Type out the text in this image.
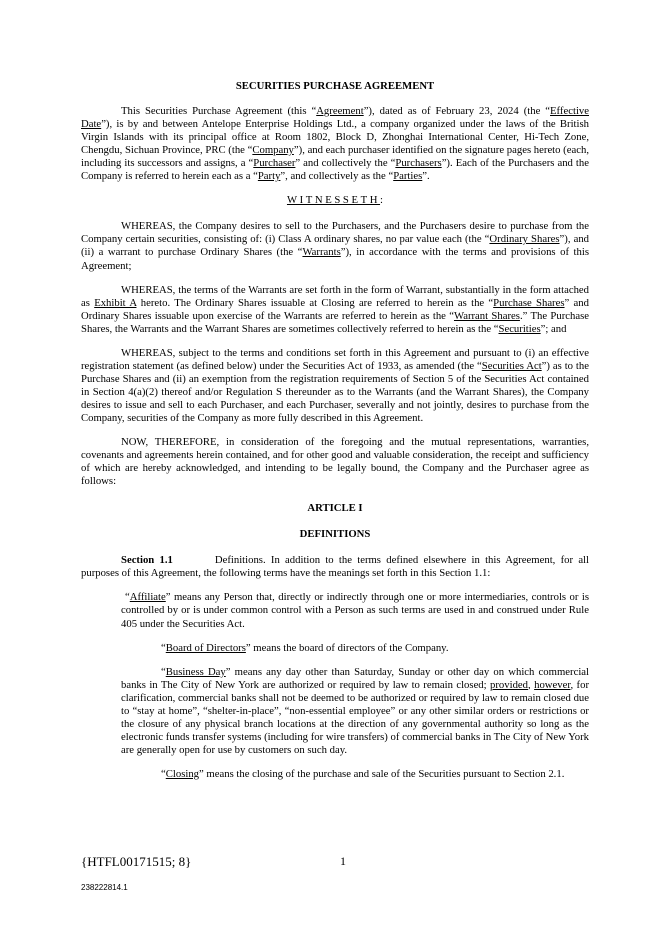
SECURITIES PURCHASE AGREEMENT

This Securities Purchase Agreement (this “Agreement”), dated as of February 23, 2024 (the “Effective Date”), is by and between Antelope Enterprise Holdings Ltd., a company organized under the laws of the British Virgin Islands with its principal office at Room 1802, Block D, Zhonghai International Center, Hi-Tech Zone, Chengdu, Sichuan Province, PRC (the “Company”), and each purchaser identified on the signature pages hereto (each, including its successors and assigns, a “Purchaser” and collectively the “Purchasers”). Each of the Purchasers and the Company is referred to herein each as a “Party”, and collectively as the “Parties”.

WITNESSETH:

WHEREAS, the Company desires to sell to the Purchasers, and the Purchasers desire to purchase from the Company certain securities, consisting of: (i) Class A ordinary shares, no par value each (the “Ordinary Shares”), and (ii) a warrant to purchase Ordinary Shares (the “Warrants”), in accordance with the terms and provisions of this Agreement;

WHEREAS, the terms of the Warrants are set forth in the form of Warrant, substantially in the form attached as Exhibit A hereto. The Ordinary Shares issuable at Closing are referred to herein as the “Purchase Shares” and Ordinary Shares issuable upon exercise of the Warrants are referred to herein as the “Warrant Shares.” The Purchase Shares, the Warrants and the Warrant Shares are sometimes collectively referred to herein as the “Securities”; and

WHEREAS, subject to the terms and conditions set forth in this Agreement and pursuant to (i) an effective registration statement (as defined below) under the Securities Act of 1933, as amended (the “Securities Act”) as to the Purchase Shares and (ii) an exemption from the registration requirements of Section 5 of the Securities Act contained in Section 4(a)(2) thereof and/or Regulation S thereunder as to the Warrants (and the Warrant Shares), the Company desires to issue and sell to each Purchaser, and each Purchaser, severally and not jointly, desires to purchase from the Company, securities of the Company as more fully described in this Agreement.

NOW, THEREFORE, in consideration of the foregoing and the mutual representations, warranties, covenants and agreements herein contained, and for other good and valuable consideration, the receipt and sufficiency of which are hereby acknowledged, and intending to be legally bound, the Company and the Purchaser agree as follows:

ARTICLE I
DEFINITIONS

Section 1.1	Definitions. In addition to the terms defined elsewhere in this Agreement, for all purposes of this Agreement, the following terms have the meanings set forth in this Section 1.1:

“Affiliate” means any Person that, directly or indirectly through one or more intermediaries, controls or is controlled by or is under common control with a Person as such terms are used in and construed under Rule 405 under the Securities Act.

“Board of Directors” means the board of directors of the Company.

“Business Day” means any day other than Saturday, Sunday or other day on which commercial banks in The City of New York are authorized or required by law to remain closed; provided, however, for clarification, commercial banks shall not be deemed to be authorized or required by law to remain closed due to “stay at home”, “shelter-in-place”, “non-essential employee” or any other similar orders or restrictions or the closure of any physical branch locations at the direction of any governmental authority so long as the electronic funds transfer systems (including for wire transfers) of commercial banks in The City of New York are generally open for use by customers on such day.

“Closing” means the closing of the purchase and sale of the Securities pursuant to Section 2.1.

{HTFL00171515; 8}	1
238222814.1
